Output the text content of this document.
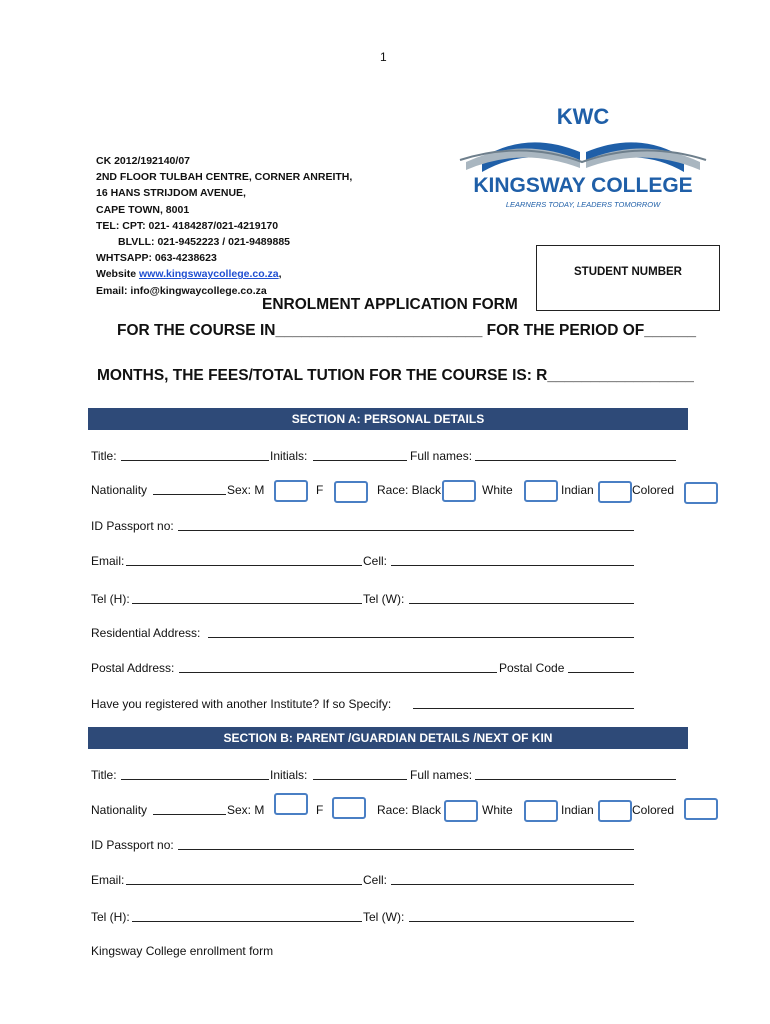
1
CK 2012/192140/07
2ND FLOOR TULBAH CENTRE, CORNER ANREITH,
16 HANS STRIJDOM AVENUE,
CAPE TOWN, 8001
TEL: CPT: 021- 4184287/021-4219170
BLVLL: 021-9452223 / 021-9489885
WHTSAPP: 063-4238623
Website www.kingswaycollege.co.za,
Email: info@kingwaycollege.co.za
KWC
KINGSWAY COLLEGE
LEARNERS TODAY, LEADERS TOMORROW
STUDENT NUMBER
ENROLMENT APPLICATION FORM
FOR THE COURSE IN________________________ FOR THE PERIOD OF______
MONTHS, THE FEES/TOTAL TUTION FOR THE COURSE IS: R_________________
SECTION A: PERSONAL DETAILS
Title:	Initials:	Full names:
Nationality	Sex: M	F	Race: Black	White	Indian	Colored
ID Passport no:
Email:	Cell:
Tel (H):	Tel (W):
Residential Address:
Postal Address:	Postal Code
Have you registered with another Institute? If so Specify:
SECTION B: PARENT /GUARDIAN DETAILS /NEXT OF KIN
Title:	Initials:	Full names:
Nationality	Sex: M	F	Race: Black	White	Indian	Colored
ID Passport no:
Email:	Cell:
Tel (H):	Tel (W):
Kingsway College enrollment form
